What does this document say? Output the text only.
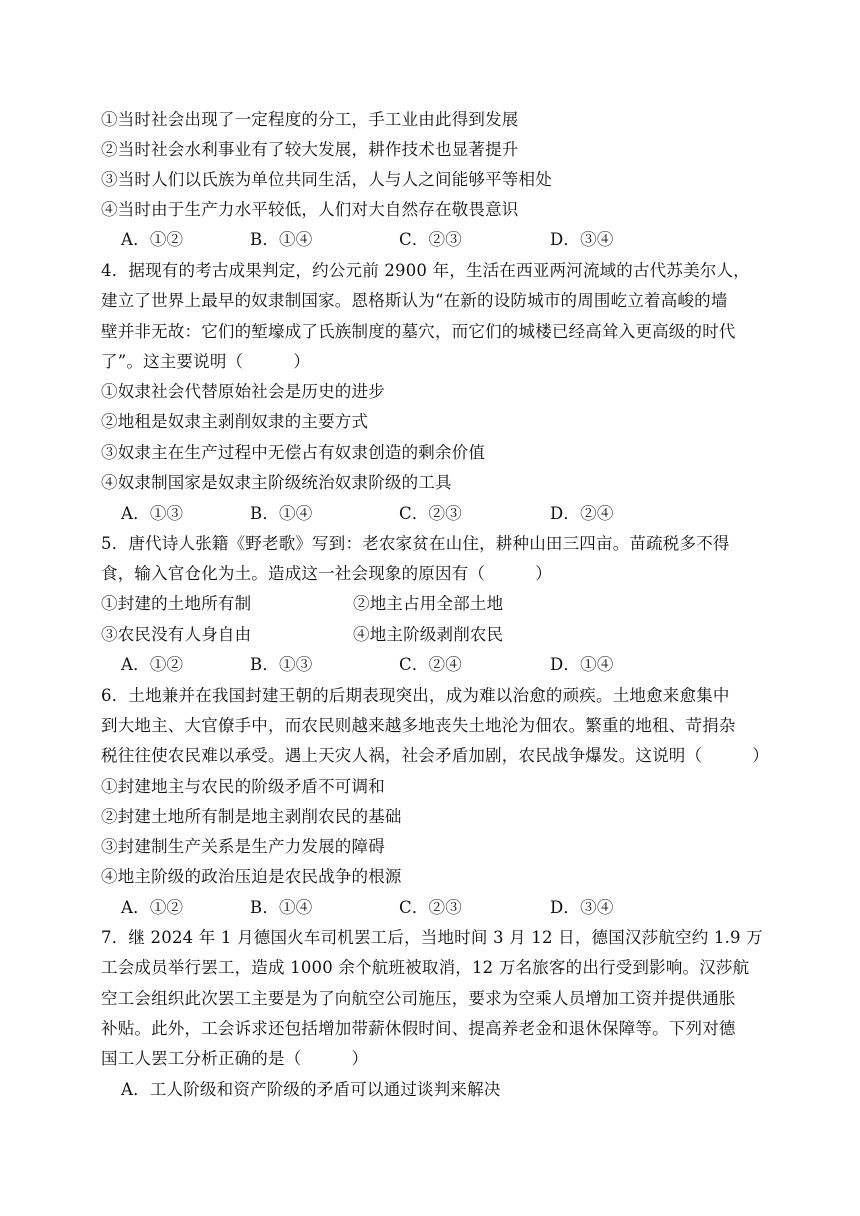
①当时社会出现了一定程度的分工，手工业由此得到发展
②当时社会水利事业有了较大发展，耕作技术也显著提升
③当时人们以氏族为单位共同生活，人与人之间能够平等相处
④当时由于生产力水平较低，人们对大自然存在敬畏意识
A．①②	B．①④	C．②③	D．③④
4．据现有的考古成果判定，约公元前 2900 年，生活在西亚两河流域的古代苏美尔人，
建立了世界上最早的奴隶制国家。恩格斯认为“在新的设防城市的周围屹立着高峻的墙
壁并非无故：它们的堑壕成了氏族制度的墓穴，而它们的城楼已经高耸入更高级的时代
了”。这主要说明（　　　）
①奴隶社会代替原始社会是历史的进步
②地租是奴隶主剥削奴隶的主要方式
③奴隶主在生产过程中无偿占有奴隶创造的剩余价值
④奴隶制国家是奴隶主阶级统治奴隶阶级的工具
A．①③	B．①④	C．②③	D．②④
5．唐代诗人张籍《野老歌》写到：老农家贫在山住，耕种山田三四亩。苗疏税多不得
食，输入官仓化为土。造成这一社会现象的原因有（　　　）
①封建的土地所有制	②地主占用全部土地
③农民没有人身自由	④地主阶级剥削农民
A．①②	B．①③	C．②④	D．①④
6．土地兼并在我国封建王朝的后期表现突出，成为难以治愈的顽疾。土地愈来愈集中
到大地主、大官僚手中，而农民则越来越多地丧失土地沦为佃农。繁重的地租、苛捐杂
税往往使农民难以承受。遇上天灾人祸，社会矛盾加剧，农民战争爆发。这说明（　　　）
①封建地主与农民的阶级矛盾不可调和
②封建土地所有制是地主剥削农民的基础
③封建制生产关系是生产力发展的障碍
④地主阶级的政治压迫是农民战争的根源
A．①②	B．①④	C．②③	D．③④
7．继 2024 年 1 月德国火车司机罢工后，当地时间 3 月 12 日，德国汉莎航空约 1.9 万
工会成员举行罢工，造成 1000 余个航班被取消，12 万名旅客的出行受到影响。汉莎航
空工会组织此次罢工主要是为了向航空公司施压，要求为空乘人员增加工资并提供通胀
补贴。此外，工会诉求还包括增加带薪休假时间、提高养老金和退休保障等。下列对德
国工人罢工分析正确的是（　　　）
A．工人阶级和资产阶级的矛盾可以通过谈判来解决
